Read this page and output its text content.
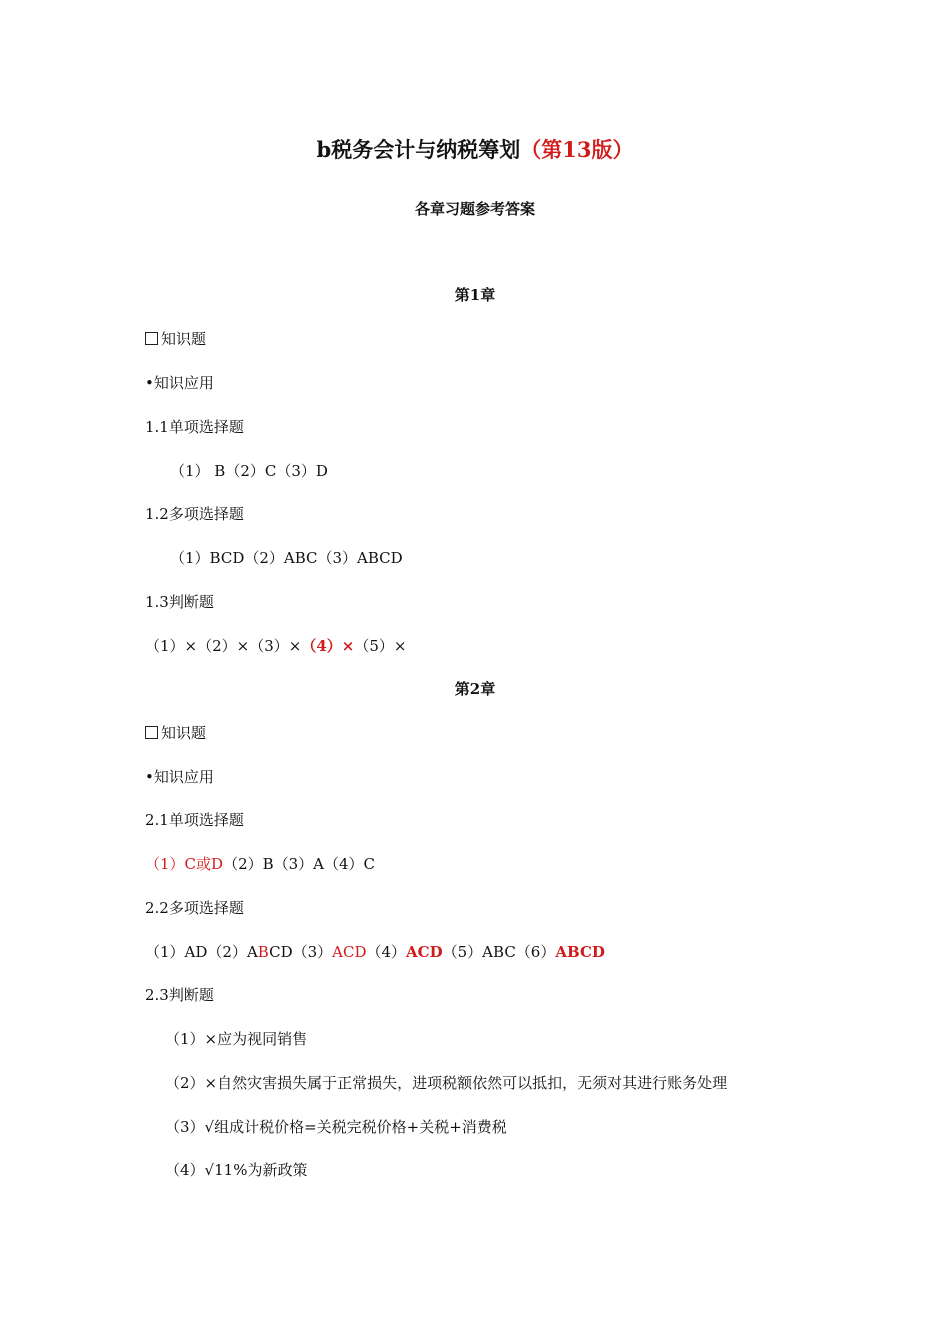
b税务会计与纳税筹划（第13版）
各章习题参考答案
第1章
知识题
•知识应用
1.1单项选择题
（1） B（2）C（3）D
1.2多项选择题
（1）BCD（2）ABC（3）ABCD
1.3判断题
（1）×（2）×（3）×（4）×（5）×
第2章
知识题
•知识应用
2.1单项选择题
（1）C或D（2）B（3）A（4）C
2.2多项选择题
（1）AD（2）ABCD（3）ACD（4）ACD（5）ABC（6）ABCD
2.3判断题
（1）×应为视同销售
（2）×自然灾害损失属于正常损失，进项税额依然可以抵扣，无须对其进行账务处理
（3）√组成计税价格=关税完税价格+关税+消费税
（4）√11%为新政策
